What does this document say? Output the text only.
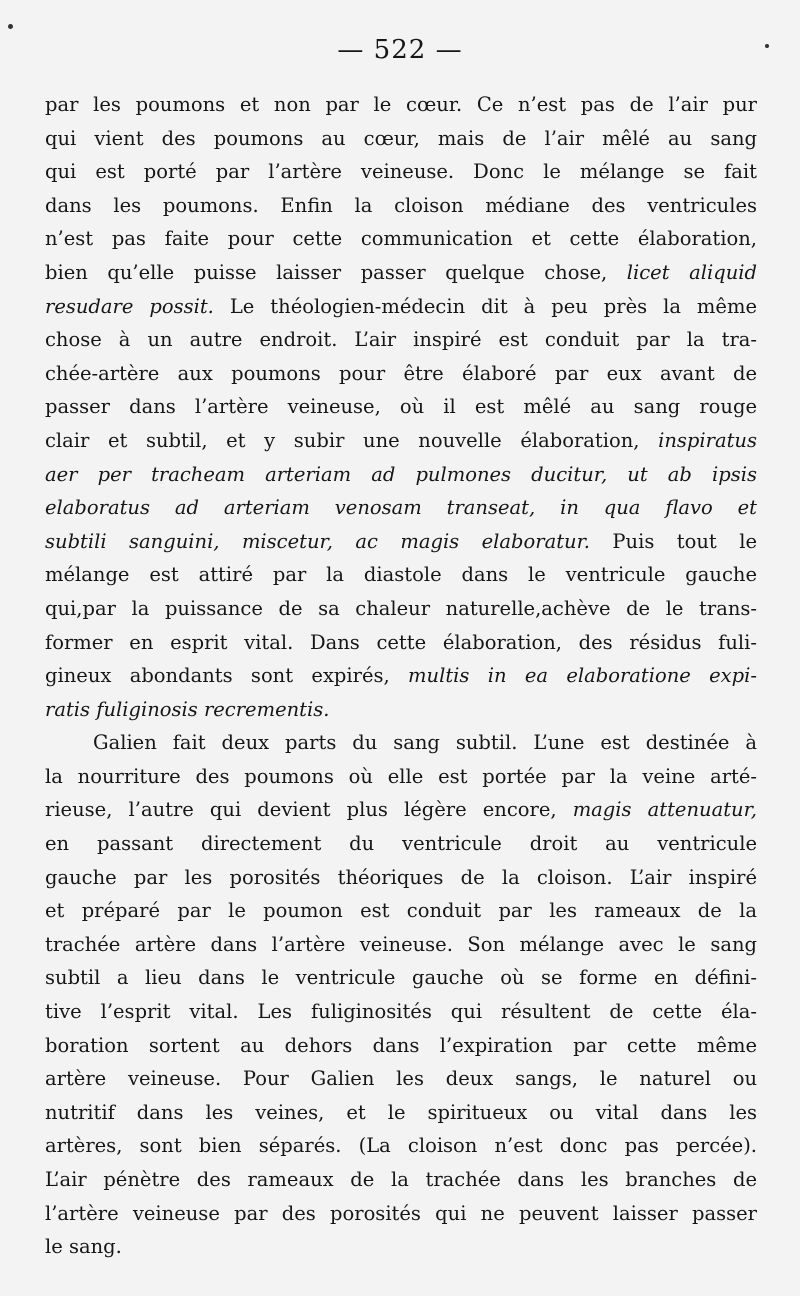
— 522 —
par les poumons et non par le cœur. Ce n’est pas de l’air pur
qui vient des poumons au cœur, mais de l’air mêlé au sang
qui est porté par l’artère veineuse. Donc le mélange se fait
dans les poumons. Enfin la cloison médiane des ventricules
n’est pas faite pour cette communication et cette élaboration,
bien qu’elle puisse laisser passer quelque chose, licet aliquid
resudare possit. Le théologien-médecin dit à peu près la même
chose à un autre endroit. L’air inspiré est conduit par la tra-
chée-artère aux poumons pour être élaboré par eux avant de
passer dans l’artère veineuse, où il est mêlé au sang rouge
clair et subtil, et y subir une nouvelle élaboration, inspiratus
aer per tracheam arteriam ad pulmones ducitur, ut ab ipsis
elaboratus ad arteriam venosam transeat, in qua flavo et
subtili sanguini, miscetur, ac magis elaboratur. Puis tout le
mélange est attiré par la diastole dans le ventricule gauche
qui,par la puissance de sa chaleur naturelle,achève de le trans-
former en esprit vital. Dans cette élaboration, des résidus fuli-
gineux abondants sont expirés, multis in ea elaboratione expi-
ratis fuliginosis recrementis.
Galien fait deux parts du sang subtil. L’une est destinée à
la nourriture des poumons où elle est portée par la veine arté-
rieuse, l’autre qui devient plus légère encore, magis attenuatur,
en passant directement du ventricule droit au ventricule
gauche par les porosités théoriques de la cloison. L’air inspiré
et préparé par le poumon est conduit par les rameaux de la
trachée artère dans l’artère veineuse. Son mélange avec le sang
subtil a lieu dans le ventricule gauche où se forme en défini-
tive l’esprit vital. Les fuliginosités qui résultent de cette éla-
boration sortent au dehors dans l’expiration par cette même
artère veineuse. Pour Galien les deux sangs, le naturel ou
nutritif dans les veines, et le spiritueux ou vital dans les
artères, sont bien séparés. (La cloison n’est donc pas percée).
L’air pénètre des rameaux de la trachée dans les branches de
l’artère veineuse par des porosités qui ne peuvent laisser passer
le sang.
